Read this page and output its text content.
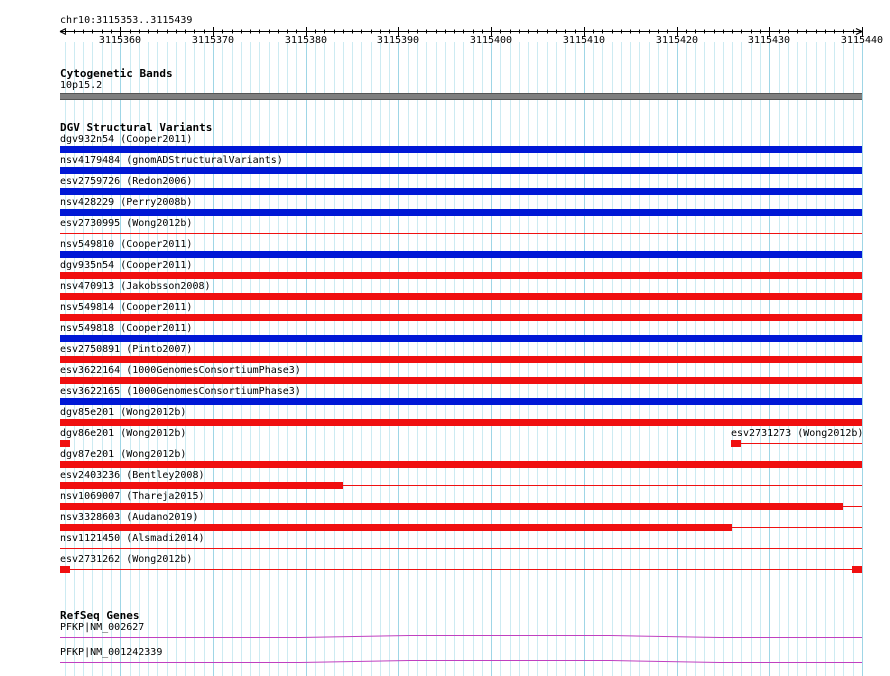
chr10:3115353..3115439
3115360	3115370	3115380	3115390	3115400	3115410	3115420	3115430	3115440
Cytogenetic Bands
10p15.2
DGV Structural Variants
dgv932n54 (Cooper2011)
nsv4179484 (gnomADStructuralVariants)
esv2759726 (Redon2006)
nsv428229 (Perry2008b)
esv2730995 (Wong2012b)
nsv549810 (Cooper2011)
dgv935n54 (Cooper2011)
nsv470913 (Jakobsson2008)
nsv549814 (Cooper2011)
nsv549818 (Cooper2011)
esv2750891 (Pinto2007)
esv3622164 (1000GenomesConsortiumPhase3)
esv3622165 (1000GenomesConsortiumPhase3)
dgv85e201 (Wong2012b)
dgv86e201 (Wong2012b)	esv2731273 (Wong2012b)
dgv87e201 (Wong2012b)
esv2403236 (Bentley2008)
nsv1069007 (Thareja2015)
nsv3328603 (Audano2019)
nsv1121450 (Alsmadi2014)
esv2731262 (Wong2012b)
RefSeq Genes
PFKP|NM_002627
PFKP|NM_001242339
